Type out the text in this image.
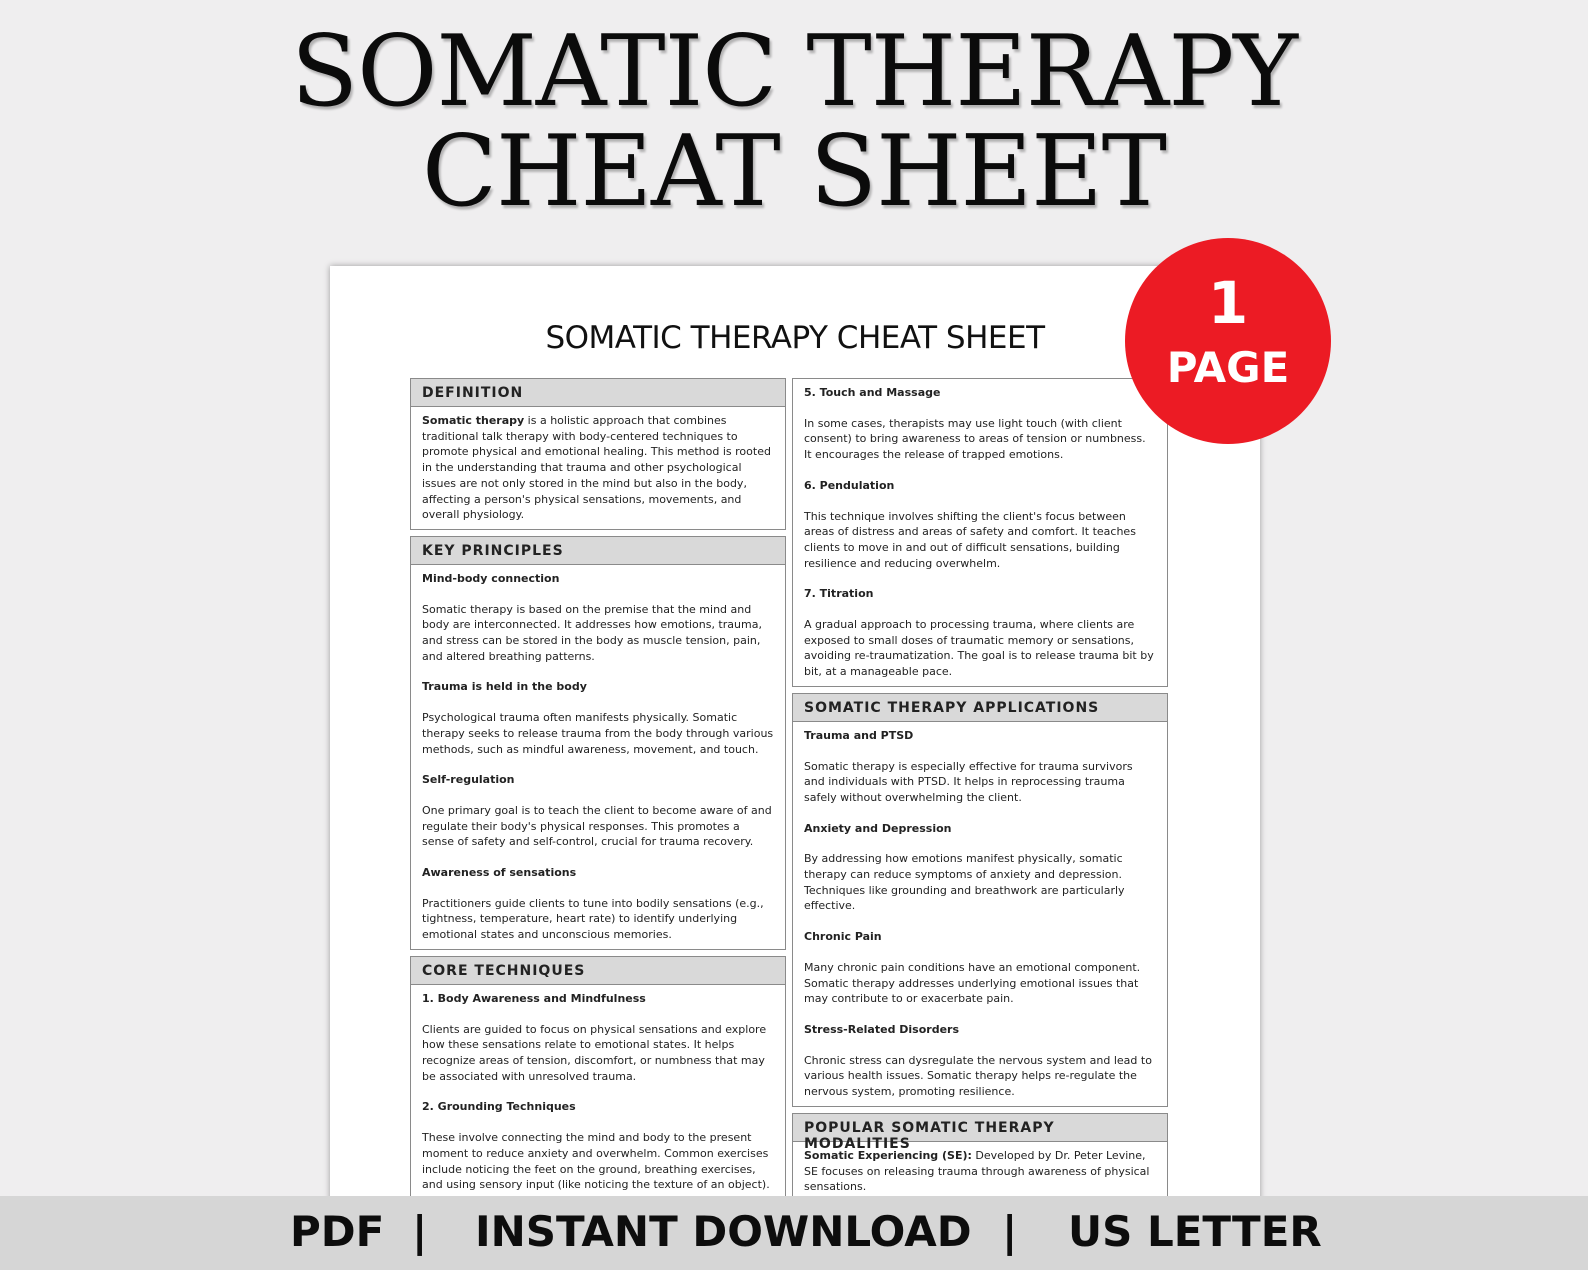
SOMATIC THERAPY
CHEAT SHEET
SOMATIC THERAPY CHEAT SHEET
DEFINITION

Somatic therapy is a holistic approach that combines traditional talk therapy with body-centered techniques to promote physical and emotional healing. This method is rooted in the understanding that trauma and other psychological issues are not only stored in the mind but also in the body, affecting a person's physical sensations, movements, and overall physiology.

KEY PRINCIPLES

Mind-body connection

Somatic therapy is based on the premise that the mind and body are interconnected. It addresses how emotions, trauma, and stress can be stored in the body as muscle tension, pain, and altered breathing patterns.

Trauma is held in the body

Psychological trauma often manifests physically. Somatic therapy seeks to release trauma from the body through various methods, such as mindful awareness, movement, and touch.

Self-regulation

One primary goal is to teach the client to become aware of and regulate their body's physical responses. This promotes a sense of safety and self-control, crucial for trauma recovery.

Awareness of sensations

Practitioners guide clients to tune into bodily sensations (e.g., tightness, temperature, heart rate) to identify underlying emotional states and unconscious memories.

CORE TECHNIQUES

1. Body Awareness and Mindfulness

Clients are guided to focus on physical sensations and explore how these sensations relate to emotional states. It helps recognize areas of tension, discomfort, or numbness that may be associated with unresolved trauma.

2. Grounding Techniques

These involve connecting the mind and body to the present moment to reduce anxiety and overwhelm. Common exercises include noticing the feet on the ground, breathing exercises, and using sensory input (like noticing the texture of an object).

5. Touch and Massage

In some cases, therapists may use light touch (with client consent) to bring awareness to areas of tension or numbness. It encourages the release of trapped emotions.

6. Pendulation

This technique involves shifting the client's focus between areas of distress and areas of safety and comfort. It teaches clients to move in and out of difficult sensations, building resilience and reducing overwhelm.

7. Titration

A gradual approach to processing trauma, where clients are exposed to small doses of traumatic memory or sensations, avoiding re-traumatization. The goal is to release trauma bit by bit, at a manageable pace.

SOMATIC THERAPY APPLICATIONS

Trauma and PTSD

Somatic therapy is especially effective for trauma survivors and individuals with PTSD. It helps in reprocessing trauma safely without overwhelming the client.

Anxiety and Depression

By addressing how emotions manifest physically, somatic therapy can reduce symptoms of anxiety and depression. Techniques like grounding and breathwork are particularly effective.

Chronic Pain

Many chronic pain conditions have an emotional component. Somatic therapy addresses underlying emotional issues that may contribute to or exacerbate pain.

Stress-Related Disorders

Chronic stress can dysregulate the nervous system and lead to various health issues. Somatic therapy helps re-regulate the nervous system, promoting resilience.

POPULAR SOMATIC THERAPY MODALITIES

Somatic Experiencing (SE): Developed by Dr. Peter Levine, SE focuses on releasing trauma through awareness of physical sensations.

1
PAGE
PDF | INSTANT DOWNLOAD | US LETTER
